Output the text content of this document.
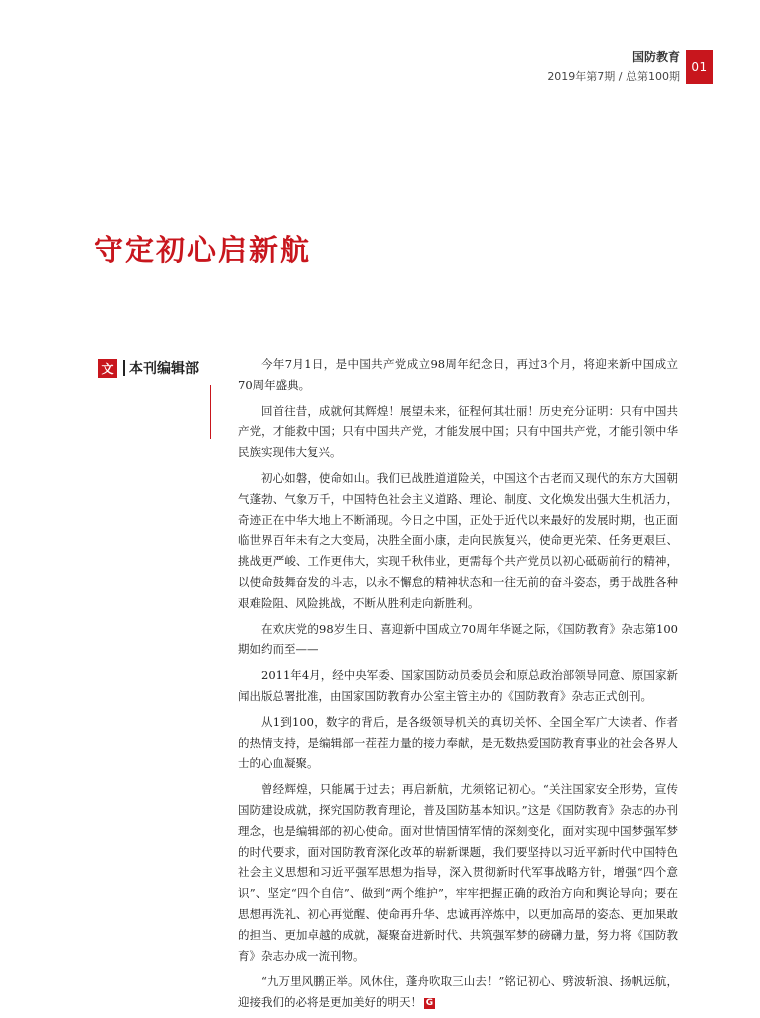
国防教育
2019年第7期 / 总第100期
01
守定初心启新航
文 本刊编辑部	今年7月1日，是中国共产党成立98周年纪念日，再过3个月，将迎来新中国成立70周年盛典。

回首往昔，成就何其辉煌！展望未来，征程何其壮丽！历史充分证明：只有中国共产党，才能救中国；只有中国共产党，才能发展中国；只有中国共产党，才能引领中华民族实现伟大复兴。

初心如磐，使命如山。我们已战胜道道险关，中国这个古老而又现代的东方大国朝气蓬勃、气象万千，中国特色社会主义道路、理论、制度、文化焕发出强大生机活力，奇迹正在中华大地上不断涌现。今日之中国，正处于近代以来最好的发展时期，也正面临世界百年未有之大变局，决胜全面小康，走向民族复兴，使命更光荣、任务更艰巨、挑战更严峻、工作更伟大，实现千秋伟业，更需每个共产党员以初心砥砺前行的精神，以使命鼓舞奋发的斗志，以永不懈怠的精神状态和一往无前的奋斗姿态，勇于战胜各种艰难险阻、风险挑战，不断从胜利走向新胜利。

在欢庆党的98岁生日、喜迎新中国成立70周年华诞之际，《国防教育》杂志第100期如约而至——

2011年4月，经中央军委、国家国防动员委员会和原总政治部领导同意、原国家新闻出版总署批准，由国家国防教育办公室主管主办的《国防教育》杂志正式创刊。

从1到100，数字的背后，是各级领导机关的真切关怀、全国全军广大读者、作者的热情支持，是编辑部一茬茬力量的接力奉献，是无数热爱国防教育事业的社会各界人士的心血凝聚。

曾经辉煌，只能属于过去；再启新航，尤须铭记初心。“关注国家安全形势，宣传国防建设成就，探究国防教育理论，普及国防基本知识。”这是《国防教育》杂志的办刊理念，也是编辑部的初心使命。面对世情国情军情的深刻变化，面对实现中国梦强军梦的时代要求，面对国防教育深化改革的崭新课题，我们要坚持以习近平新时代中国特色社会主义思想和习近平强军思想为指导，深入贯彻新时代军事战略方针，增强“四个意识”、坚定“四个自信”、做到“两个维护”，牢牢把握正确的政治方向和舆论导向；要在思想再洗礼、初心再觉醒、使命再升华、忠诚再淬炼中，以更加高昂的姿态、更加果敢的担当、更加卓越的成就，凝聚奋进新时代、共筑强军梦的磅礴力量，努力将《国防教育》杂志办成一流刊物。

“九万里风鹏正举。风休住，蓬舟吹取三山去！”铭记初心、劈波斩浪、扬帆远航，迎接我们的必将是更加美好的明天！ G
